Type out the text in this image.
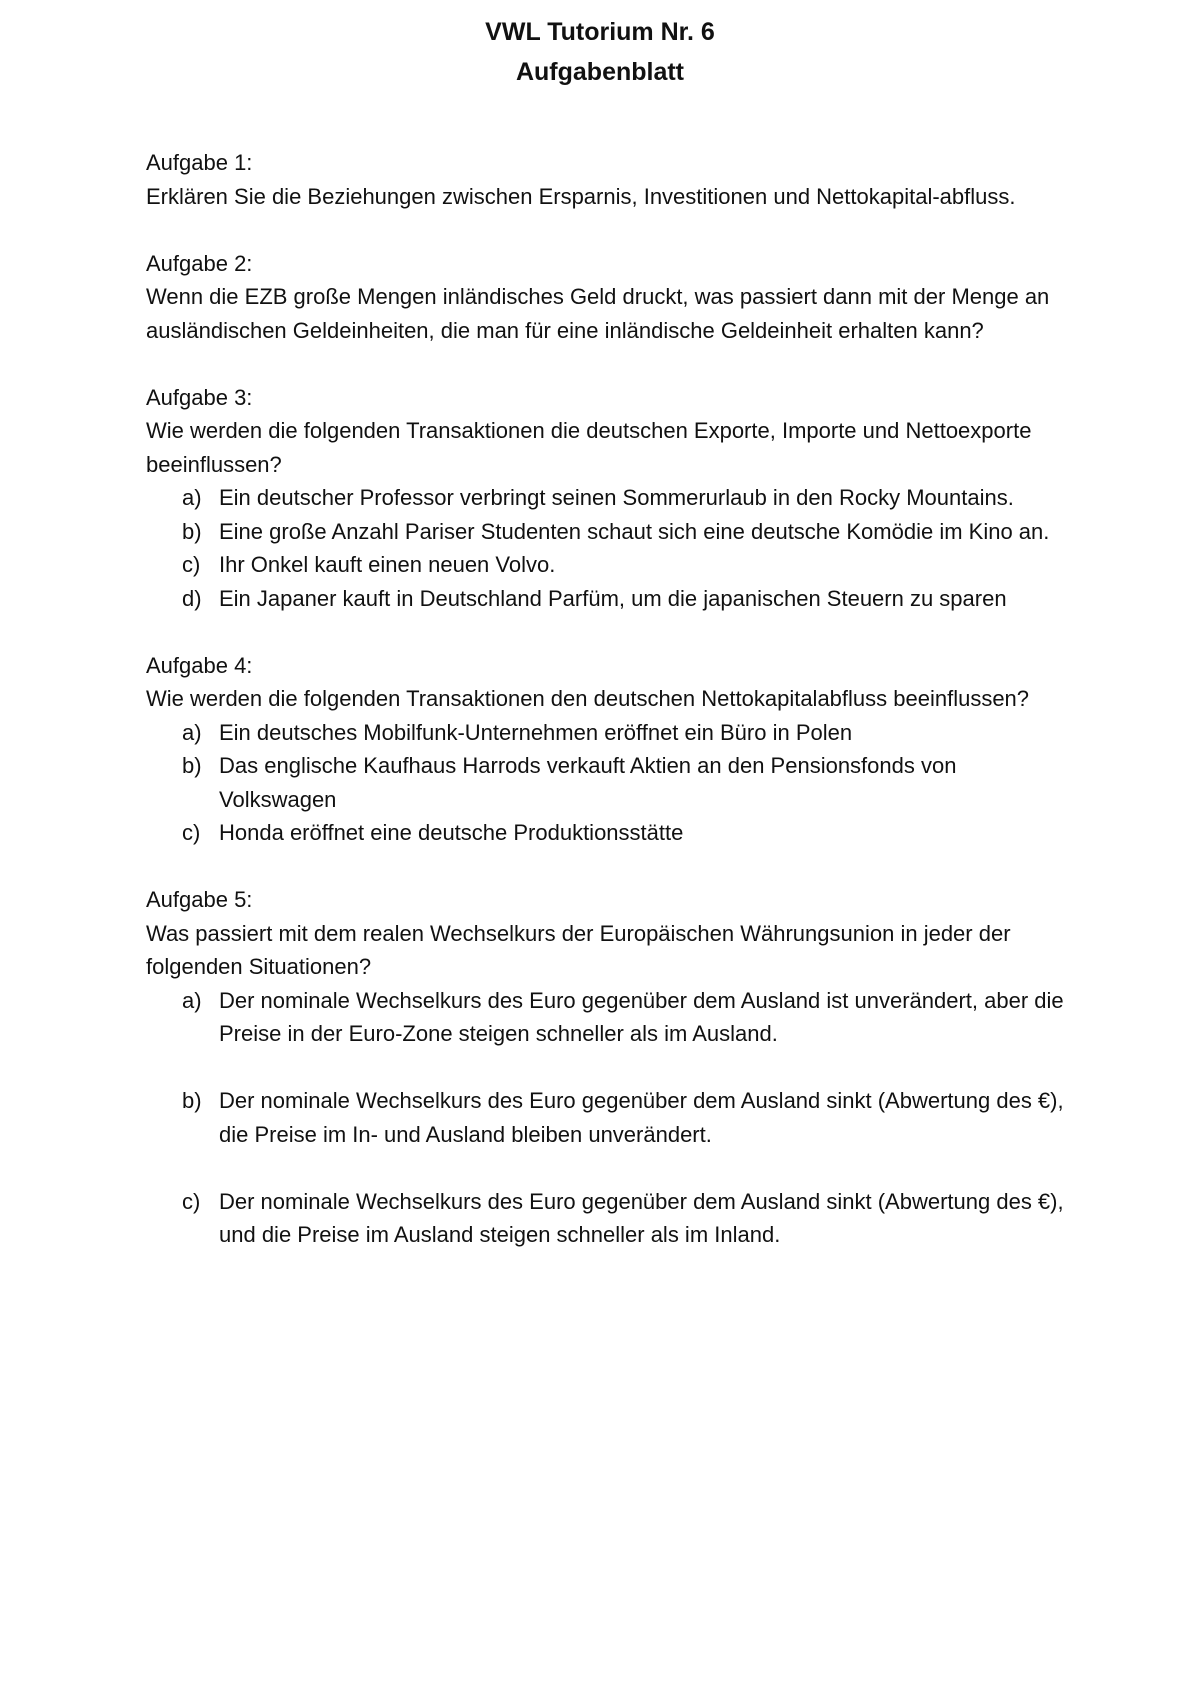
VWL Tutorium Nr. 6
Aufgabenblatt
Aufgabe 1:
Erklären Sie die Beziehungen zwischen Ersparnis, Investitionen und Nettokapital-abfluss.
Aufgabe 2:
Wenn die EZB große Mengen inländisches Geld druckt, was passiert dann mit der Menge an ausländischen Geldeinheiten, die man für eine inländische Geldeinheit erhalten kann?
Aufgabe 3:
Wie werden die folgenden Transaktionen die deutschen Exporte, Importe und Nettoexporte beeinflussen?
a) Ein deutscher Professor verbringt seinen Sommerurlaub in den Rocky Mountains.
b) Eine große Anzahl Pariser Studenten schaut sich eine deutsche Komödie im Kino an.
c) Ihr Onkel kauft einen neuen Volvo.
d) Ein Japaner kauft in Deutschland Parfüm, um die japanischen Steuern zu sparen
Aufgabe 4:
Wie werden die folgenden Transaktionen den deutschen Nettokapitalabfluss beeinflussen?
a) Ein deutsches Mobilfunk-Unternehmen eröffnet ein Büro in Polen
b) Das englische Kaufhaus Harrods verkauft Aktien an den Pensionsfonds von Volkswagen
c) Honda eröffnet eine deutsche Produktionsstätte
Aufgabe 5:
Was passiert mit dem realen Wechselkurs der Europäischen Währungsunion in jeder der folgenden Situationen?
a) Der nominale Wechselkurs des Euro gegenüber dem Ausland ist unverändert, aber die Preise in der Euro-Zone steigen schneller als im Ausland.
b) Der nominale Wechselkurs des Euro gegenüber dem Ausland sinkt (Abwertung des €), die Preise im In- und Ausland bleiben unverändert.
c) Der nominale Wechselkurs des Euro gegenüber dem Ausland sinkt (Abwertung des €), und die Preise im Ausland steigen schneller als im Inland.
